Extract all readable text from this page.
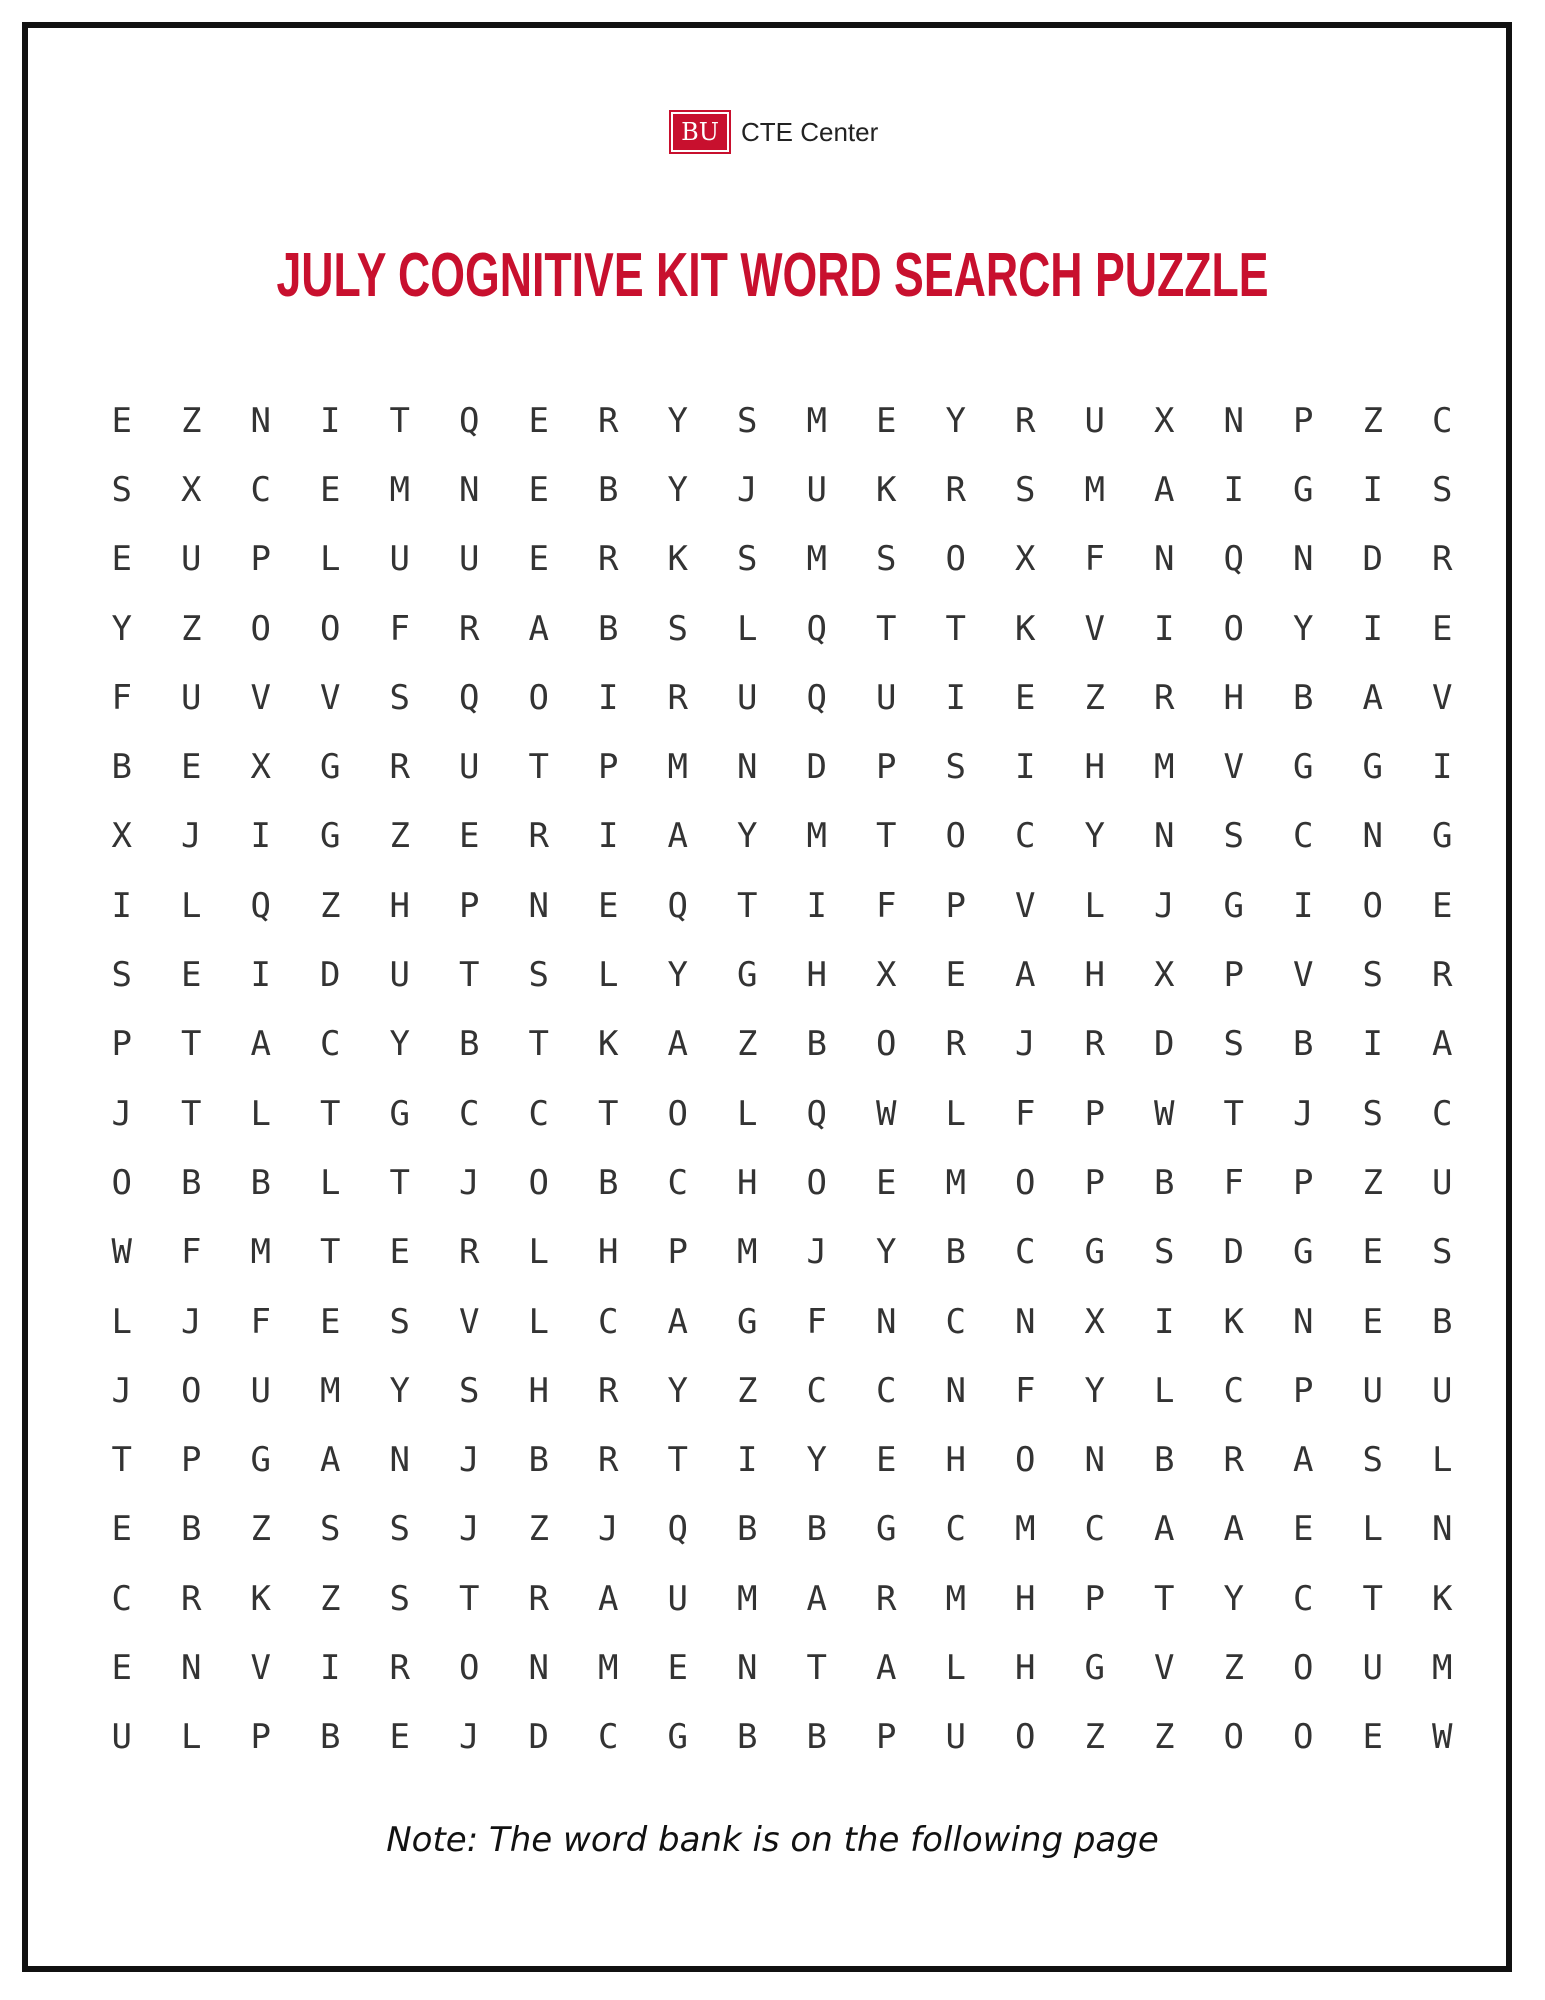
BU CTE Center
JULY COGNITIVE KIT WORD SEARCH PUZZLE
E	Z	N	I	T	Q	E	R	Y	S	M	E	Y	R	U	X	N	P	Z	C
S	X	C	E	M	N	E	B	Y	J	U	K	R	S	M	A	I	G	I	S
E	U	P	L	U	U	E	R	K	S	M	S	O	X	F	N	Q	N	D	R
Y	Z	O	O	F	R	A	B	S	L	Q	T	T	K	V	I	O	Y	I	E
F	U	V	V	S	Q	O	I	R	U	Q	U	I	E	Z	R	H	B	A	V
B	E	X	G	R	U	T	P	M	N	D	P	S	I	H	M	V	G	G	I
X	J	I	G	Z	E	R	I	A	Y	M	T	O	C	Y	N	S	C	N	G
I	L	Q	Z	H	P	N	E	Q	T	I	F	P	V	L	J	G	I	O	E
S	E	I	D	U	T	S	L	Y	G	H	X	E	A	H	X	P	V	S	R
P	T	A	C	Y	B	T	K	A	Z	B	O	R	J	R	D	S	B	I	A
J	T	L	T	G	C	C	T	O	L	Q	W	L	F	P	W	T	J	S	C
O	B	B	L	T	J	O	B	C	H	O	E	M	O	P	B	F	P	Z	U
W	F	M	T	E	R	L	H	P	M	J	Y	B	C	G	S	D	G	E	S
L	J	F	E	S	V	L	C	A	G	F	N	C	N	X	I	K	N	E	B
J	O	U	M	Y	S	H	R	Y	Z	C	C	N	F	Y	L	C	P	U	U
T	P	G	A	N	J	B	R	T	I	Y	E	H	O	N	B	R	A	S	L
E	B	Z	S	S	J	Z	J	Q	B	B	G	C	M	C	A	A	E	L	N
C	R	K	Z	S	T	R	A	U	M	A	R	M	H	P	T	Y	C	T	K
E	N	V	I	R	O	N	M	E	N	T	A	L	H	G	V	Z	O	U	M
U	L	P	B	E	J	D	C	G	B	B	P	U	O	Z	Z	O	O	E	W
Note: The word bank is on the following page
